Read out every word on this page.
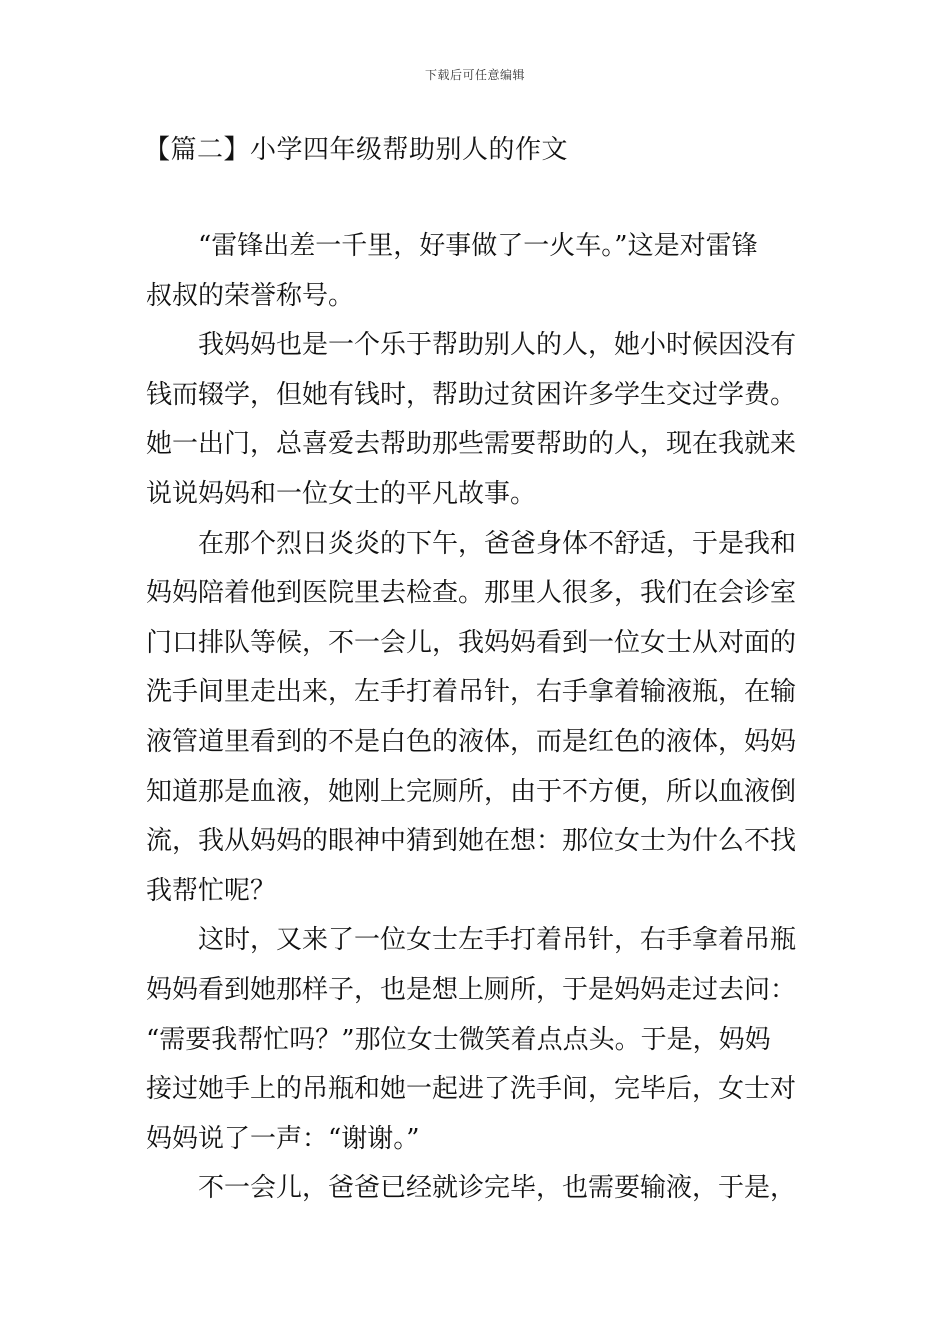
下载后可任意编辑
【篇二】小学四年级帮助别人的作文

“雷锋出差一千里，好事做了一火车。”这是对雷锋
叔叔的荣誉称号。

我妈妈也是一个乐于帮助别人的人，她小时候因没有
钱而辍学，但她有钱时，帮助过贫困许多学生交过学费。
她一出门，总喜爱去帮助那些需要帮助的人，现在我就来
说说妈妈和一位女士的平凡故事。

在那个烈日炎炎的下午，爸爸身体不舒适，于是我和
妈妈陪着他到医院里去检查。那里人很多，我们在会诊室
门口排队等候，不一会儿，我妈妈看到一位女士从对面的
洗手间里走出来，左手打着吊针，右手拿着输液瓶，在输
液管道里看到的不是白色的液体，而是红色的液体，妈妈
知道那是血液，她刚上完厕所，由于不方便，所以血液倒
流，我从妈妈的眼神中猜到她在想：那位女士为什么不找
我帮忙呢？

这时，又来了一位女士左手打着吊针，右手拿着吊瓶
妈妈看到她那样子，也是想上厕所，于是妈妈走过去问：
“需要我帮忙吗？”那位女士微笑着点点头。于是，妈妈
接过她手上的吊瓶和她一起进了洗手间，完毕后，女士对
妈妈说了一声：“谢谢。”

不一会儿，爸爸已经就诊完毕，也需要输液，于是，
